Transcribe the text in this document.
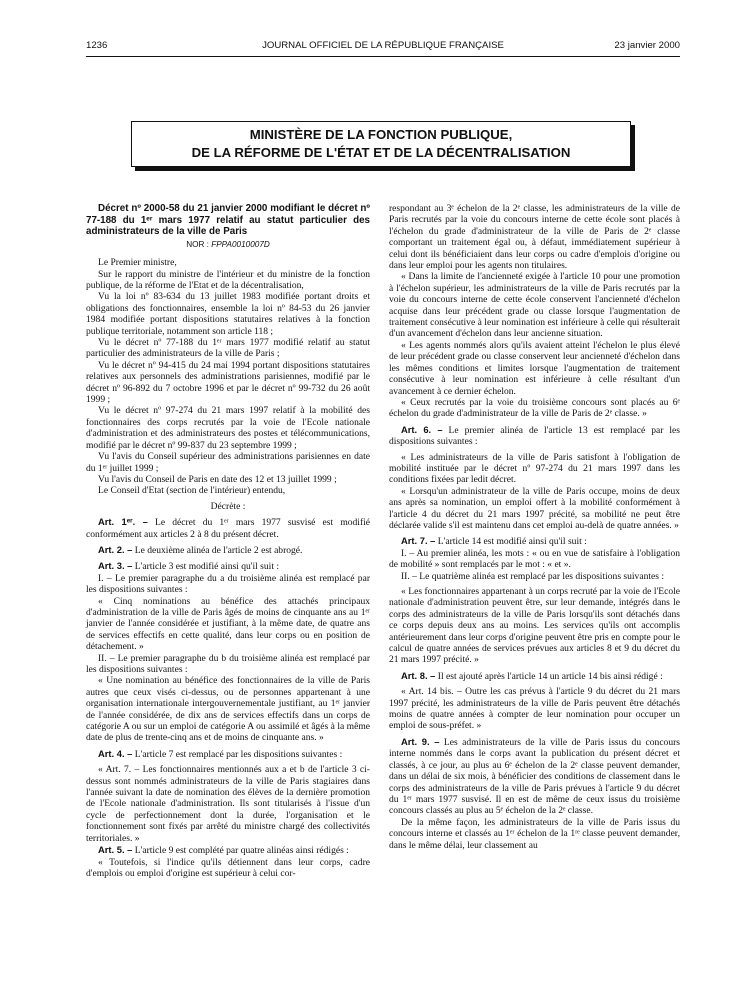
1236	JOURNAL OFFICIEL DE LA RÉPUBLIQUE FRANÇAISE	23 janvier 2000
MINISTÈRE DE LA FONCTION PUBLIQUE,
DE LA RÉFORME DE L'ÉTAT ET DE LA DÉCENTRALISATION

Décret nº 2000-58 du 21 janvier 2000 modifiant le décret nº 77-188 du 1ᵉʳ mars 1977 relatif au statut particulier des administrateurs de la ville de Paris

NOR : FPPA0010007D

Le Premier ministre,

Sur le rapport du ministre de l'intérieur et du ministre de la fonction publique, de la réforme de l'Etat et de la décentralisation,

Vu la loi nº 83-634 du 13 juillet 1983 modifiée portant droits et obligations des fonctionnaires, ensemble la loi nº 84-53 du 26 janvier 1984 modifiée portant dispositions statutaires relatives à la fonction publique territoriale, notamment son article 118 ;

Vu le décret nº 77-188 du 1ᵉʳ mars 1977 modifié relatif au statut particulier des administrateurs de la ville de Paris ;

Vu le décret nº 94-415 du 24 mai 1994 portant dispositions statutaires relatives aux personnels des administrations parisiennes, modifié par le décret nº 96-892 du 7 octobre 1996 et par le décret nº 99-732 du 26 août 1999 ;

Vu le décret nº 97-274 du 21 mars 1997 relatif à la mobilité des fonctionnaires des corps recrutés par la voie de l'Ecole nationale d'administration et des administrateurs des postes et télécommunications, modifié par le décret nº 99-837 du 23 septembre 1999 ;

Vu l'avis du Conseil supérieur des administrations parisiennes en date du 1ᵉʳ juillet 1999 ;

Vu l'avis du Conseil de Paris en date des 12 et 13 juillet 1999 ;

Le Conseil d'Etat (section de l'intérieur) entendu,

Décrète :

Art. 1ᵉʳ. – Le décret du 1ᵉʳ mars 1977 susvisé est modifié conformément aux articles 2 à 8 du présent décret.

Art. 2. – Le deuxième alinéa de l'article 2 est abrogé.

Art. 3. – L'article 3 est modifié ainsi qu'il suit :

I. – Le premier paragraphe du a du troisième alinéa est remplacé par les dispositions suivantes :

« Cinq nominations au bénéfice des attachés principaux d'administration de la ville de Paris âgés de moins de cinquante ans au 1ᵉʳ janvier de l'année considérée et justifiant, à la même date, de quatre ans de services effectifs en cette qualité, dans leur corps ou en position de détachement. »

II. – Le premier paragraphe du b du troisième alinéa est remplacé par les dispositions suivantes :

« Une nomination au bénéfice des fonctionnaires de la ville de Paris autres que ceux visés ci-dessus, ou de personnes appartenant à une organisation internationale intergouvernementale justifiant, au 1ᵉʳ janvier de l'année considérée, de dix ans de services effectifs dans un corps de catégorie A ou sur un emploi de catégorie A ou assimilé et âgés à la même date de plus de trente-cinq ans et de moins de cinquante ans. »

Art. 4. – L'article 7 est remplacé par les dispositions suivantes :

« Art. 7. – Les fonctionnaires mentionnés aux a et b de l'article 3 ci-dessus sont nommés administrateurs de la ville de Paris stagiaires dans l'année suivant la date de nomination des élèves de la dernière promotion de l'Ecole nationale d'administration. Ils sont titularisés à l'issue d'un cycle de perfectionnement dont la durée, l'organisation et le fonctionnement sont fixés par arrêté du ministre chargé des collectivités territoriales. »

Art. 5. – L'article 9 est complété par quatre alinéas ainsi rédigés :

« Toutefois, si l'indice qu'ils détiennent dans leur corps, cadre d'emplois ou emploi d'origine est supérieur à celui cor-

respondant au 3ᵉ échelon de la 2ᵉ classe, les administrateurs de la ville de Paris recrutés par la voie du concours interne de cette école sont placés à l'échelon du grade d'administrateur de la ville de Paris de 2ᵉ classe comportant un traitement égal ou, à défaut, immédiatement supérieur à celui dont ils bénéficiaient dans leur corps ou cadre d'emplois d'origine ou dans leur emploi pour les agents non titulaires.

« Dans la limite de l'ancienneté exigée à l'article 10 pour une promotion à l'échelon supérieur, les administrateurs de la ville de Paris recrutés par la voie du concours interne de cette école conservent l'ancienneté d'échelon acquise dans leur précédent grade ou classe lorsque l'augmentation de traitement consécutive à leur nomination est inférieure à celle qui résulterait d'un avancement d'échelon dans leur ancienne situation.

« Les agents nommés alors qu'ils avaient atteint l'échelon le plus élevé de leur précédent grade ou classe conservent leur ancienneté d'échelon dans les mêmes conditions et limites lorsque l'augmentation de traitement consécutive à leur nomination est inférieure à celle résultant d'un avancement à ce dernier échelon.

« Ceux recrutés par la voie du troisième concours sont placés au 6ᵉ échelon du grade d'administrateur de la ville de Paris de 2ᵉ classe. »

Art. 6. – Le premier alinéa de l'article 13 est remplacé par les dispositions suivantes :

« Les administrateurs de la ville de Paris satisfont à l'obligation de mobilité instituée par le décret nº 97-274 du 21 mars 1997 dans les conditions fixées par ledit décret.

« Lorsqu'un administrateur de la ville de Paris occupe, moins de deux ans après sa nomination, un emploi offert à la mobilité conformément à l'article 4 du décret du 21 mars 1997 précité, sa mobilité ne peut être déclarée valide s'il est maintenu dans cet emploi au-delà de quatre années. »

Art. 7. – L'article 14 est modifié ainsi qu'il suit :

I. – Au premier alinéa, les mots : « ou en vue de satisfaire à l'obligation de mobilité » sont remplacés par le mot : « et ».

II. – Le quatrième alinéa est remplacé par les dispositions suivantes :

« Les fonctionnaires appartenant à un corps recruté par la voie de l'Ecole nationale d'administration peuvent être, sur leur demande, intégrés dans le corps des administrateurs de la ville de Paris lorsqu'ils sont détachés dans ce corps depuis deux ans au moins. Les services qu'ils ont accomplis antérieurement dans leur corps d'origine peuvent être pris en compte pour le calcul de quatre années de services prévues aux articles 8 et 9 du décret du 21 mars 1997 précité. »

Art. 8. – Il est ajouté après l'article 14 un article 14 bis ainsi rédigé :

« Art. 14 bis. – Outre les cas prévus à l'article 9 du décret du 21 mars 1997 précité, les administrateurs de la ville de Paris peuvent être détachés moins de quatre années à compter de leur nomination pour occuper un emploi de sous-préfet. »

Art. 9. – Les administrateurs de la ville de Paris issus du concours interne nommés dans le corps avant la publication du présent décret et classés, à ce jour, au plus au 6ᵉ échelon de la 2ᵉ classe peuvent demander, dans un délai de six mois, à bénéficier des conditions de classement dans le corps des administrateurs de la ville de Paris prévues à l'article 9 du décret du 1ᵉʳ mars 1977 susvisé. Il en est de même de ceux issus du troisième concours classés au plus au 5ᵉ échelon de la 2ᵉ classe.

De la même façon, les administrateurs de la ville de Paris issus du concours interne et classés au 1ᵉʳ échelon de la 1ʳᵉ classe peuvent demander, dans le même délai, leur classement au
